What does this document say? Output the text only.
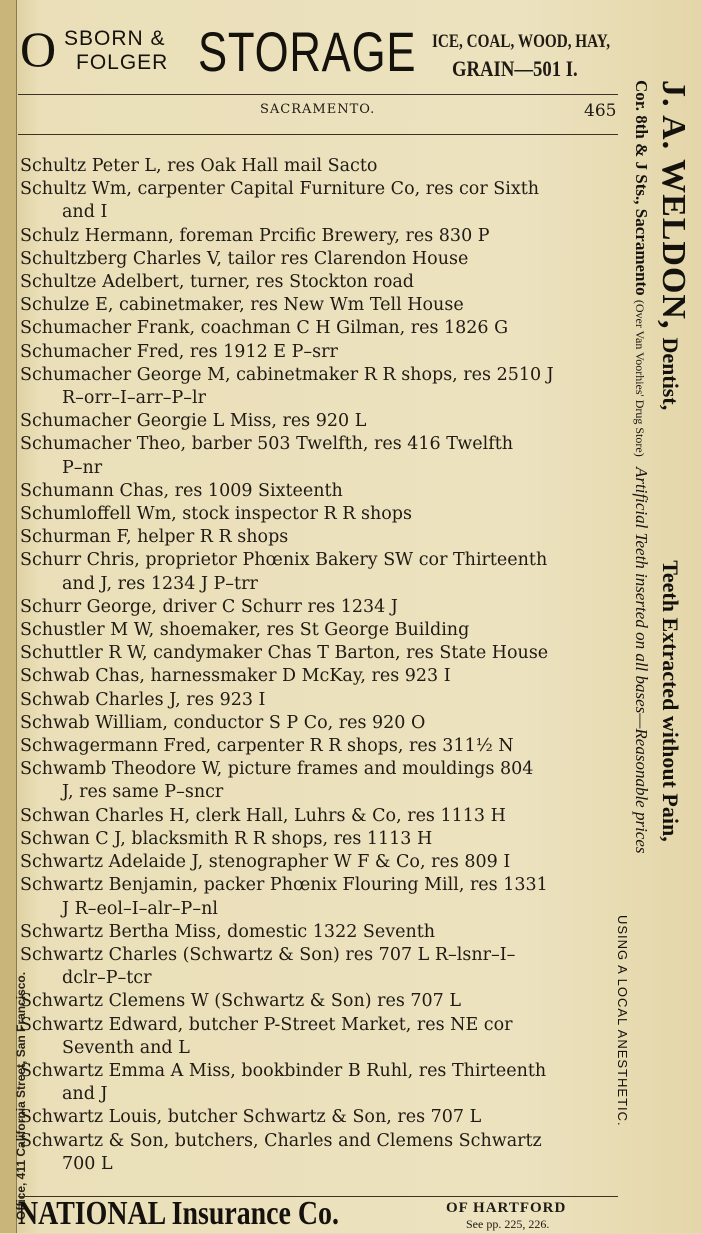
Office, 411 California Street, San Francisco.
O SBORN &
FOLGER STORAGE ICE, COAL, WOOD, HAY,
GRAIN—501 I.
SACRAMENTO.	465 J. A. WELDON,Dentist,Teeth Extracted without Pain,
Cor. 8th & J Sts., Sacramento (Over Van Voorhies' Drug Store) Artificial Teeth inserted on all bases—Reasonable prices
USING A LOCAL ANESTHETIC.
Schultz Peter L, res Oak Hall mail Sacto
Schultz Wm, carpenter Capital Furniture Co, res cor Sixth
and I
Schulz Hermann, foreman Prcific Brewery, res 830 P
Schultzberg Charles V, tailor res Clarendon House
Schultze Adelbert, turner, res Stockton road
Schulze E, cabinetmaker, res New Wm Tell House
Schumacher Frank, coachman C H Gilman, res 1826 G
Schumacher Fred, res 1912 E P–srr
Schumacher George M, cabinetmaker R R shops, res 2510 J
R–orr–I–arr–P–lr
Schumacher Georgie L Miss, res 920 L
Schumacher Theo, barber 503 Twelfth, res 416 Twelfth
P–nr
Schumann Chas, res 1009 Sixteenth
Schumloffell Wm, stock inspector R R shops
Schurman F, helper R R shops
Schurr Chris, proprietor Phœnix Bakery SW cor Thirteenth
and J, res 1234 J P–trr
Schurr George, driver C Schurr res 1234 J
Schustler M W, shoemaker, res St George Building
Schuttler R W, candymaker Chas T Barton, res State House
Schwab Chas, harnessmaker D McKay, res 923 I
Schwab Charles J, res 923 I
Schwab William, conductor S P Co, res 920 O
Schwagermann Fred, carpenter R R shops, res 311½ N
Schwamb Theodore W, picture frames and mouldings 804
J, res same P–sncr
Schwan Charles H, clerk Hall, Luhrs & Co, res 1113 H
Schwan C J, blacksmith R R shops, res 1113 H
Schwartz Adelaide J, stenographer W F & Co, res 809 I
Schwartz Benjamin, packer Phœnix Flouring Mill, res 1331
J R–eol–I–alr–P–nl
Schwartz Bertha Miss, domestic 1322 Seventh
Schwartz Charles (Schwartz & Son) res 707 L R–lsnr–I–
dclr–P–tcr
Schwartz Clemens W (Schwartz & Son) res 707 L
Schwartz Edward, butcher P-Street Market, res NE cor
Seventh and L
Schwartz Emma A Miss, bookbinder B Ruhl, res Thirteenth
and J
Schwartz Louis, butcher Schwartz & Son, res 707 L
Schwartz & Son, butchers, Charles and Clemens Schwartz
700 L
NATIONAL Insurance Co.	OF HARTFORD
See pp. 225, 226.
